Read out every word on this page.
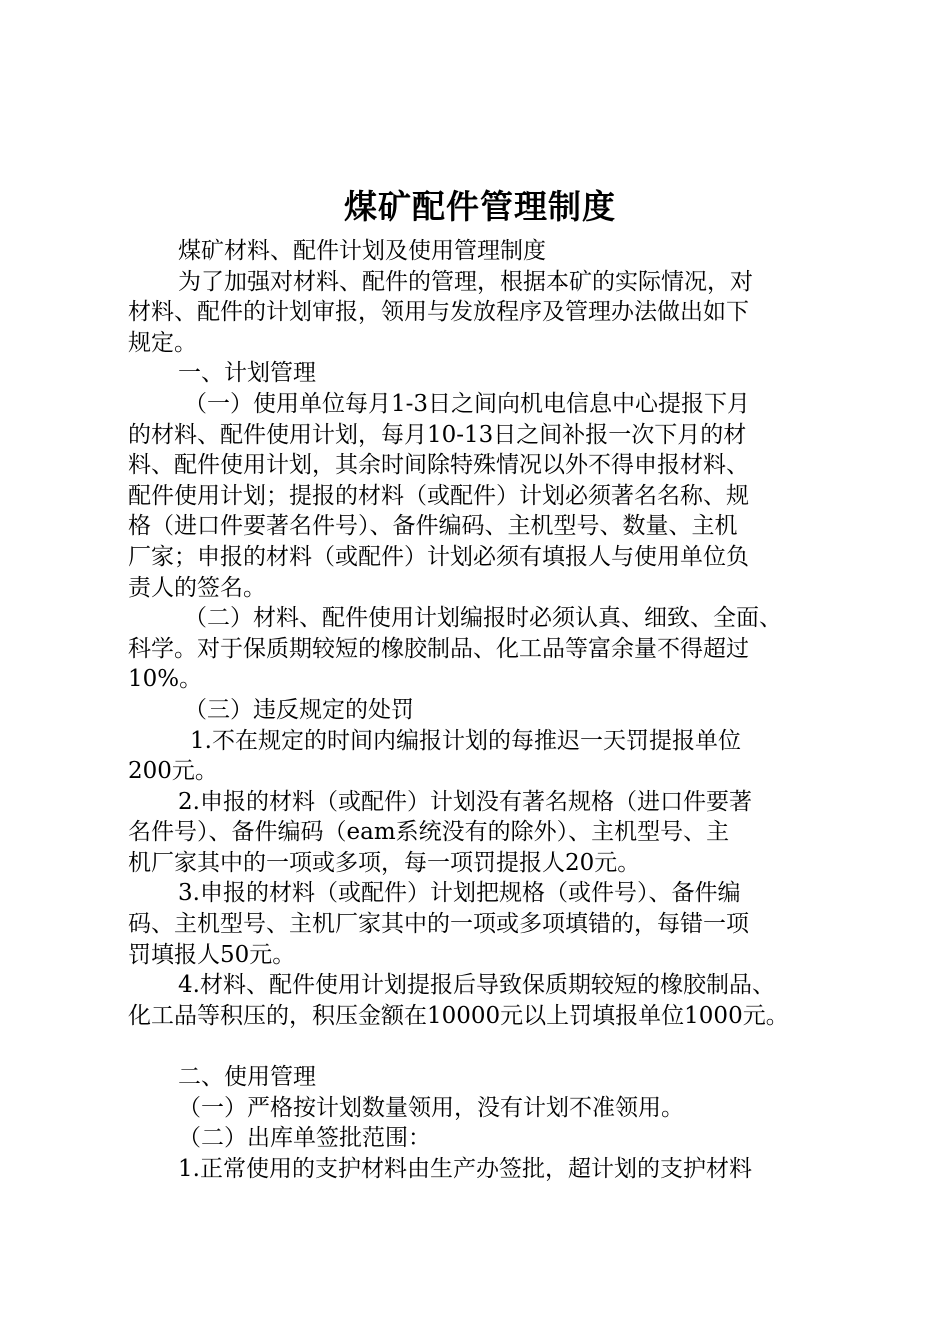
煤矿配件管理制度

煤矿材料、配件计划及使用管理制度

为了加强对材料、配件的管理，根据本矿的实际情况，对

材料、配件的计划审报，领用与发放程序及管理办法做出如下

规定。

一、计划管理

（一）使用单位每月1-3日之间向机电信息中心提报下月

的材料、配件使用计划，每月10-13日之间补报一次下月的材

料、配件使用计划，其余时间除特殊情况以外不得申报材料、

配件使用计划；提报的材料（或配件）计划必须著名名称、规

格（进口件要著名件号）、备件编码、主机型号、数量、主机

厂家；申报的材料（或配件）计划必须有填报人与使用单位负

责人的签名。

（二）材料、配件使用计划编报时必须认真、细致、全面、

科学。对于保质期较短的橡胶制品、化工品等富余量不得超过

10%。

（三）违反规定的处罚

1.不在规定的时间内编报计划的每推迟一天罚提报单位

200元。

2.申报的材料（或配件）计划没有著名规格（进口件要著

名件号）、备件编码（eam系统没有的除外）、主机型号、主

机厂家其中的一项或多项，每一项罚提报人20元。

3.申报的材料（或配件）计划把规格（或件号）、备件编

码、主机型号、主机厂家其中的一项或多项填错的，每错一项

罚填报人50元。

4.材料、配件使用计划提报后导致保质期较短的橡胶制品、

化工品等积压的，积压金额在10000元以上罚填报单位1000元。

二、使用管理

（一）严格按计划数量领用，没有计划不准领用。

（二）出库单签批范围：

1.正常使用的支护材料由生产办签批，超计划的支护材料
